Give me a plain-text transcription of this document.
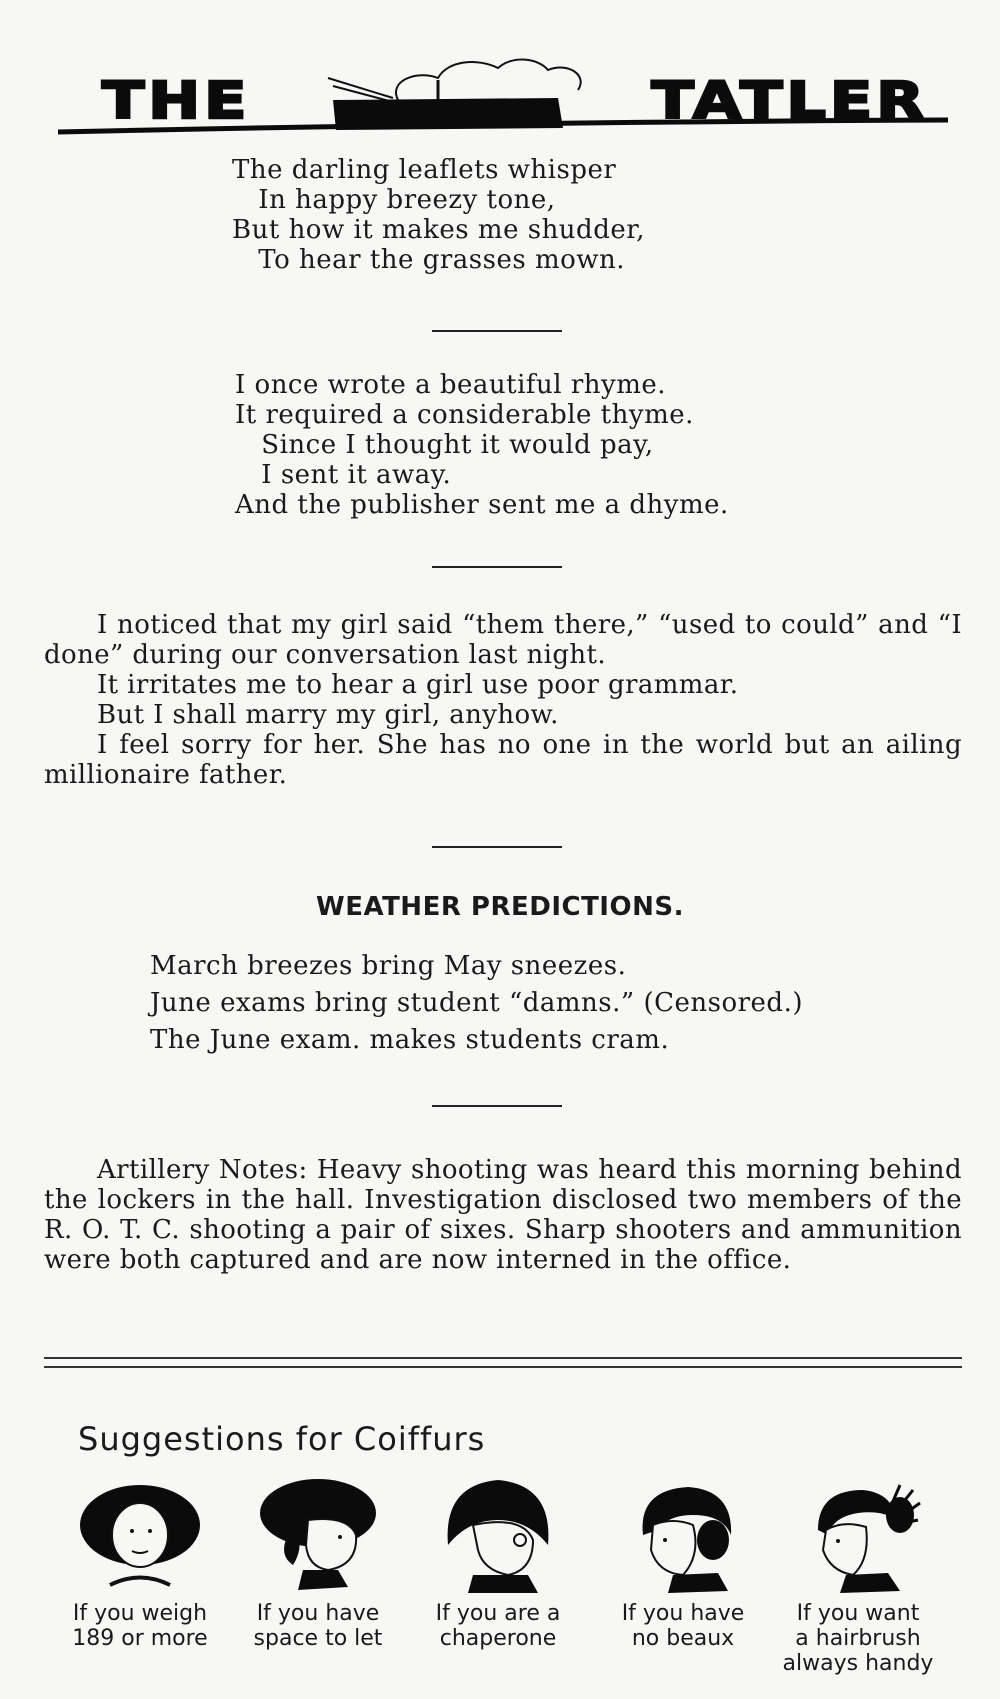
THE	TATLER
The darling leaflets whisper
In happy breezy tone,
But how it makes me shudder,
To hear the grasses mown.
I once wrote a beautiful rhyme.
It required a considerable thyme.
Since I thought it would pay,
I sent it away.
And the publisher sent me a dhyme.

I noticed that my girl said “them there,” “used to could” and “I done” during our conversation last night.

It irritates me to hear a girl use poor grammar.

But I shall marry my girl, anyhow.

I feel sorry for her. She has no one in the world but an ailing millionaire father.

WEATHER PREDICTIONS.
March breezes bring May sneezes.
June exams bring student “damns.” (Censored.)
The June exam. makes students cram.

Artillery Notes: Heavy shooting was heard this morning behind the lockers in the hall. Investigation disclosed two members of the R. O. T. C. shooting a pair of sixes. Sharp shooters and ammunition were both captured and are now interned in the office.

Suggestions for Coiffurs
If you weigh
189 or more
If you have
space to let
If you are a
chaperone
If you have
no beaux
If you want
a hairbrush
always handy
